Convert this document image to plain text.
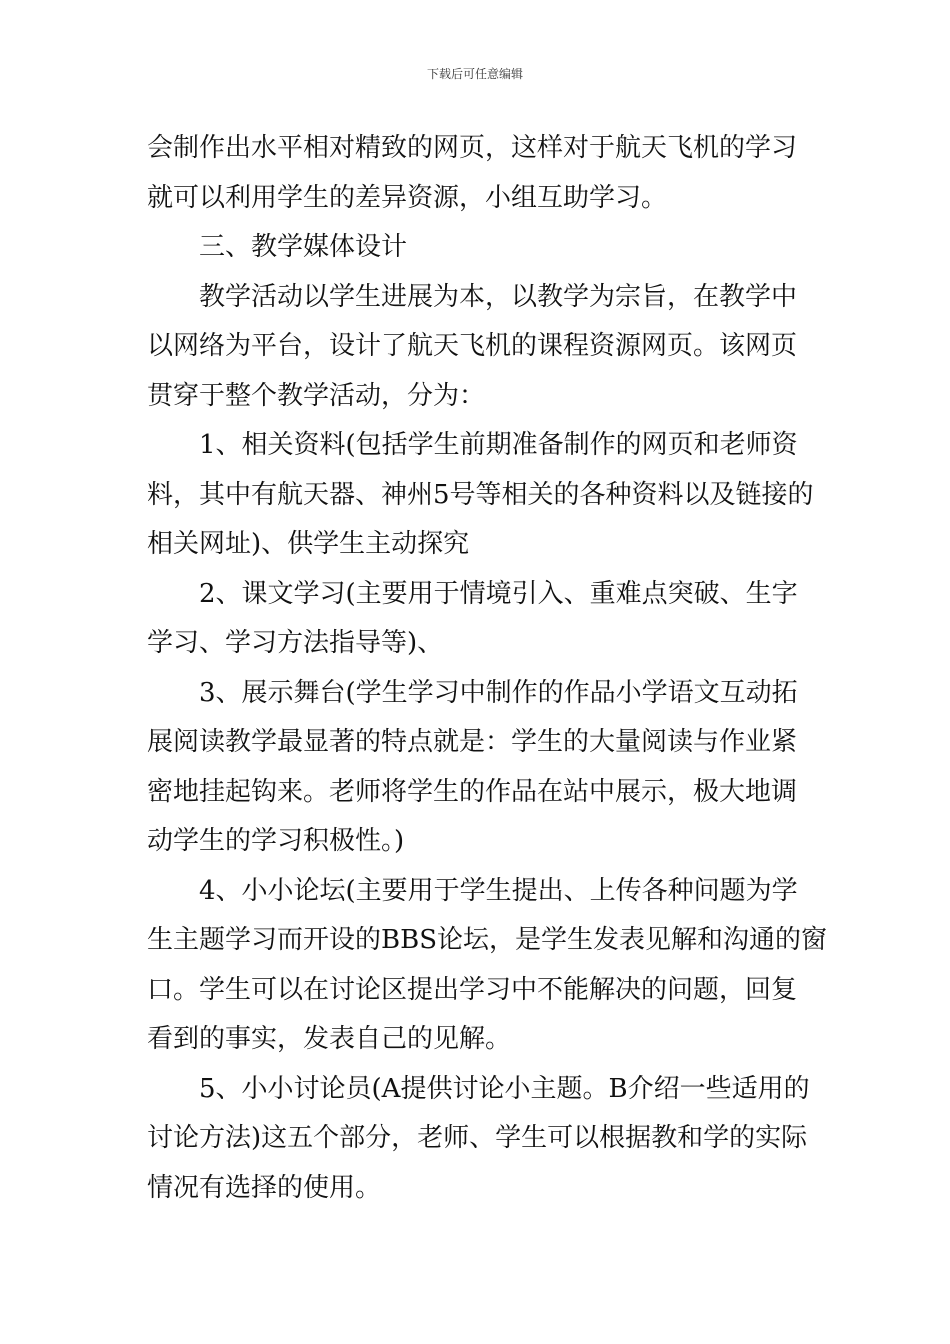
下载后可任意编辑

会制作出水平相对精致的网页，这样对于航天飞机的学习
就可以利用学生的差异资源，小组互助学习。

三、教学媒体设计

教学活动以学生进展为本，以教学为宗旨，在教学中
以网络为平台，设计了航天飞机的课程资源网页。该网页
贯穿于整个教学活动，分为：

1、相关资料(包括学生前期准备制作的网页和老师资
料，其中有航天器、神州5号等相关的各种资料以及链接的
相关网址)、供学生主动探究

2、课文学习(主要用于情境引入、重难点突破、生字
学习、学习方法指导等)、

3、展示舞台(学生学习中制作的作品小学语文互动拓
展阅读教学最显著的特点就是：学生的大量阅读与作业紧
密地挂起钩来。老师将学生的作品在站中展示，极大地调
动学生的学习积极性。)

4、小小论坛(主要用于学生提出、上传各种问题为学
生主题学习而开设的BBS论坛，是学生发表见解和沟通的窗
口。学生可以在讨论区提出学习中不能解决的问题，回复
看到的事实，发表自己的见解。

5、小小讨论员(A提供讨论小主题。B介绍一些适用的
讨论方法)这五个部分，老师、学生可以根据教和学的实际
情况有选择的使用。
